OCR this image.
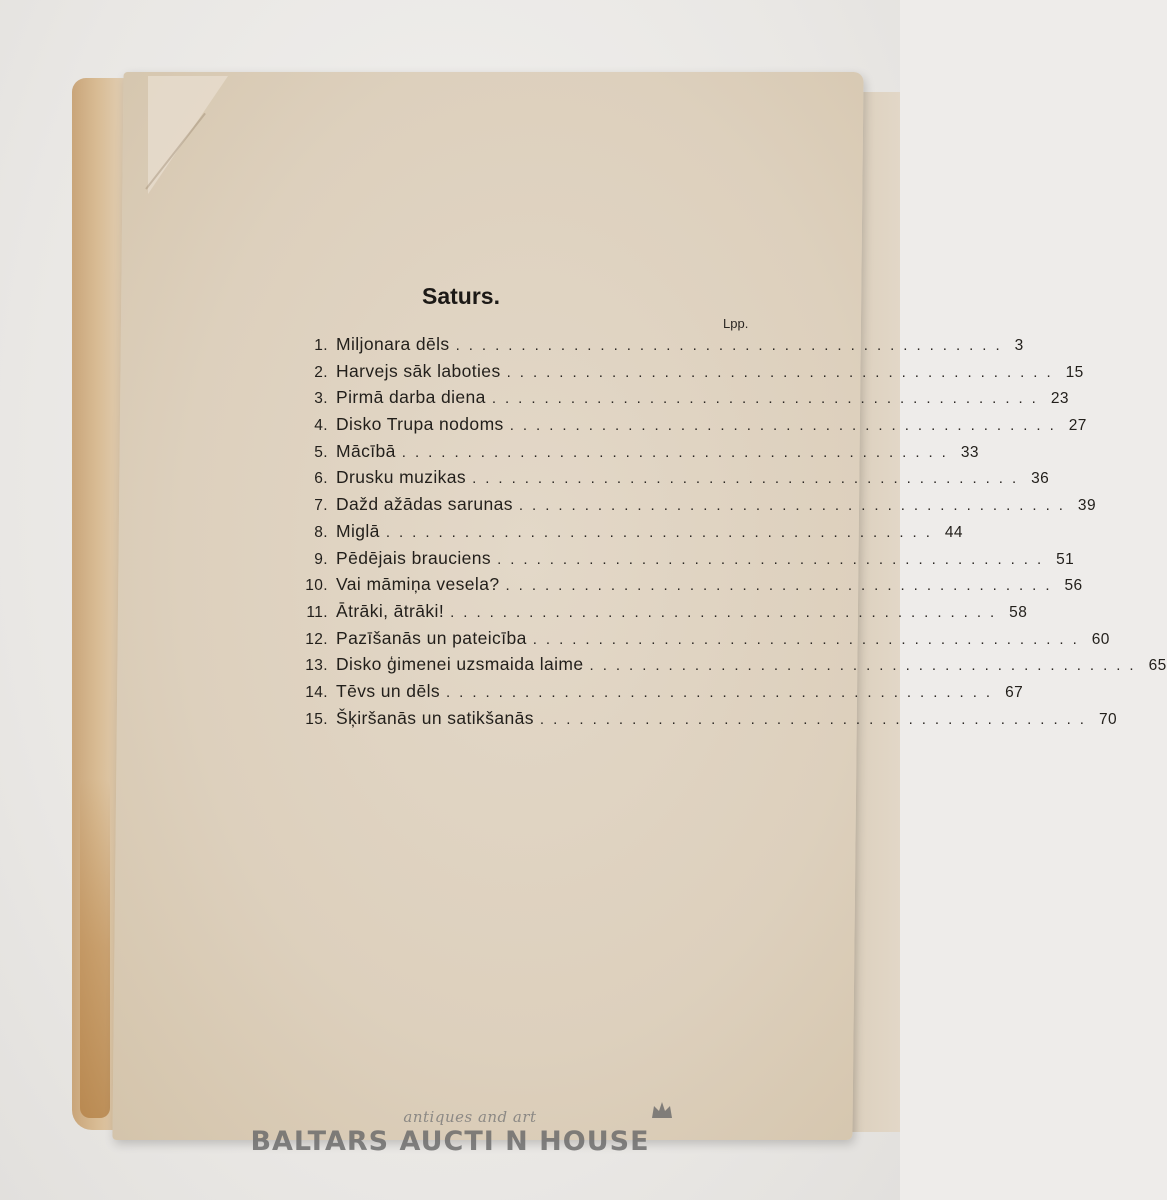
Saturs.
Lpp.
1. Miljonara dēls .......................................... 3
2. Harvejs sāk laboties .......................................... 15
3. Pirmā darba diena .......................................... 23
4. Disko Trupa nodoms .......................................... 27
5. Mācībā .......................................... 33
6. Drusku muzikas .......................................... 36
7. Dažd ažādas sarunas .......................................... 39
8. Miglā .......................................... 44
9. Pēdējais brauciens .......................................... 51
10. Vai māmiņa vesela? .......................................... 56
11. Ātrāki, ātrāki! .......................................... 58
12. Pazīšanās un pateicība .......................................... 60
13. Disko ģimenei uzsmaida laime .......................................... 65
14. Tēvs un dēls .......................................... 67
15. Šķiršanās un satikšanās .......................................... 70
antiques and art
BALTARS AUCTI N HOUSE
